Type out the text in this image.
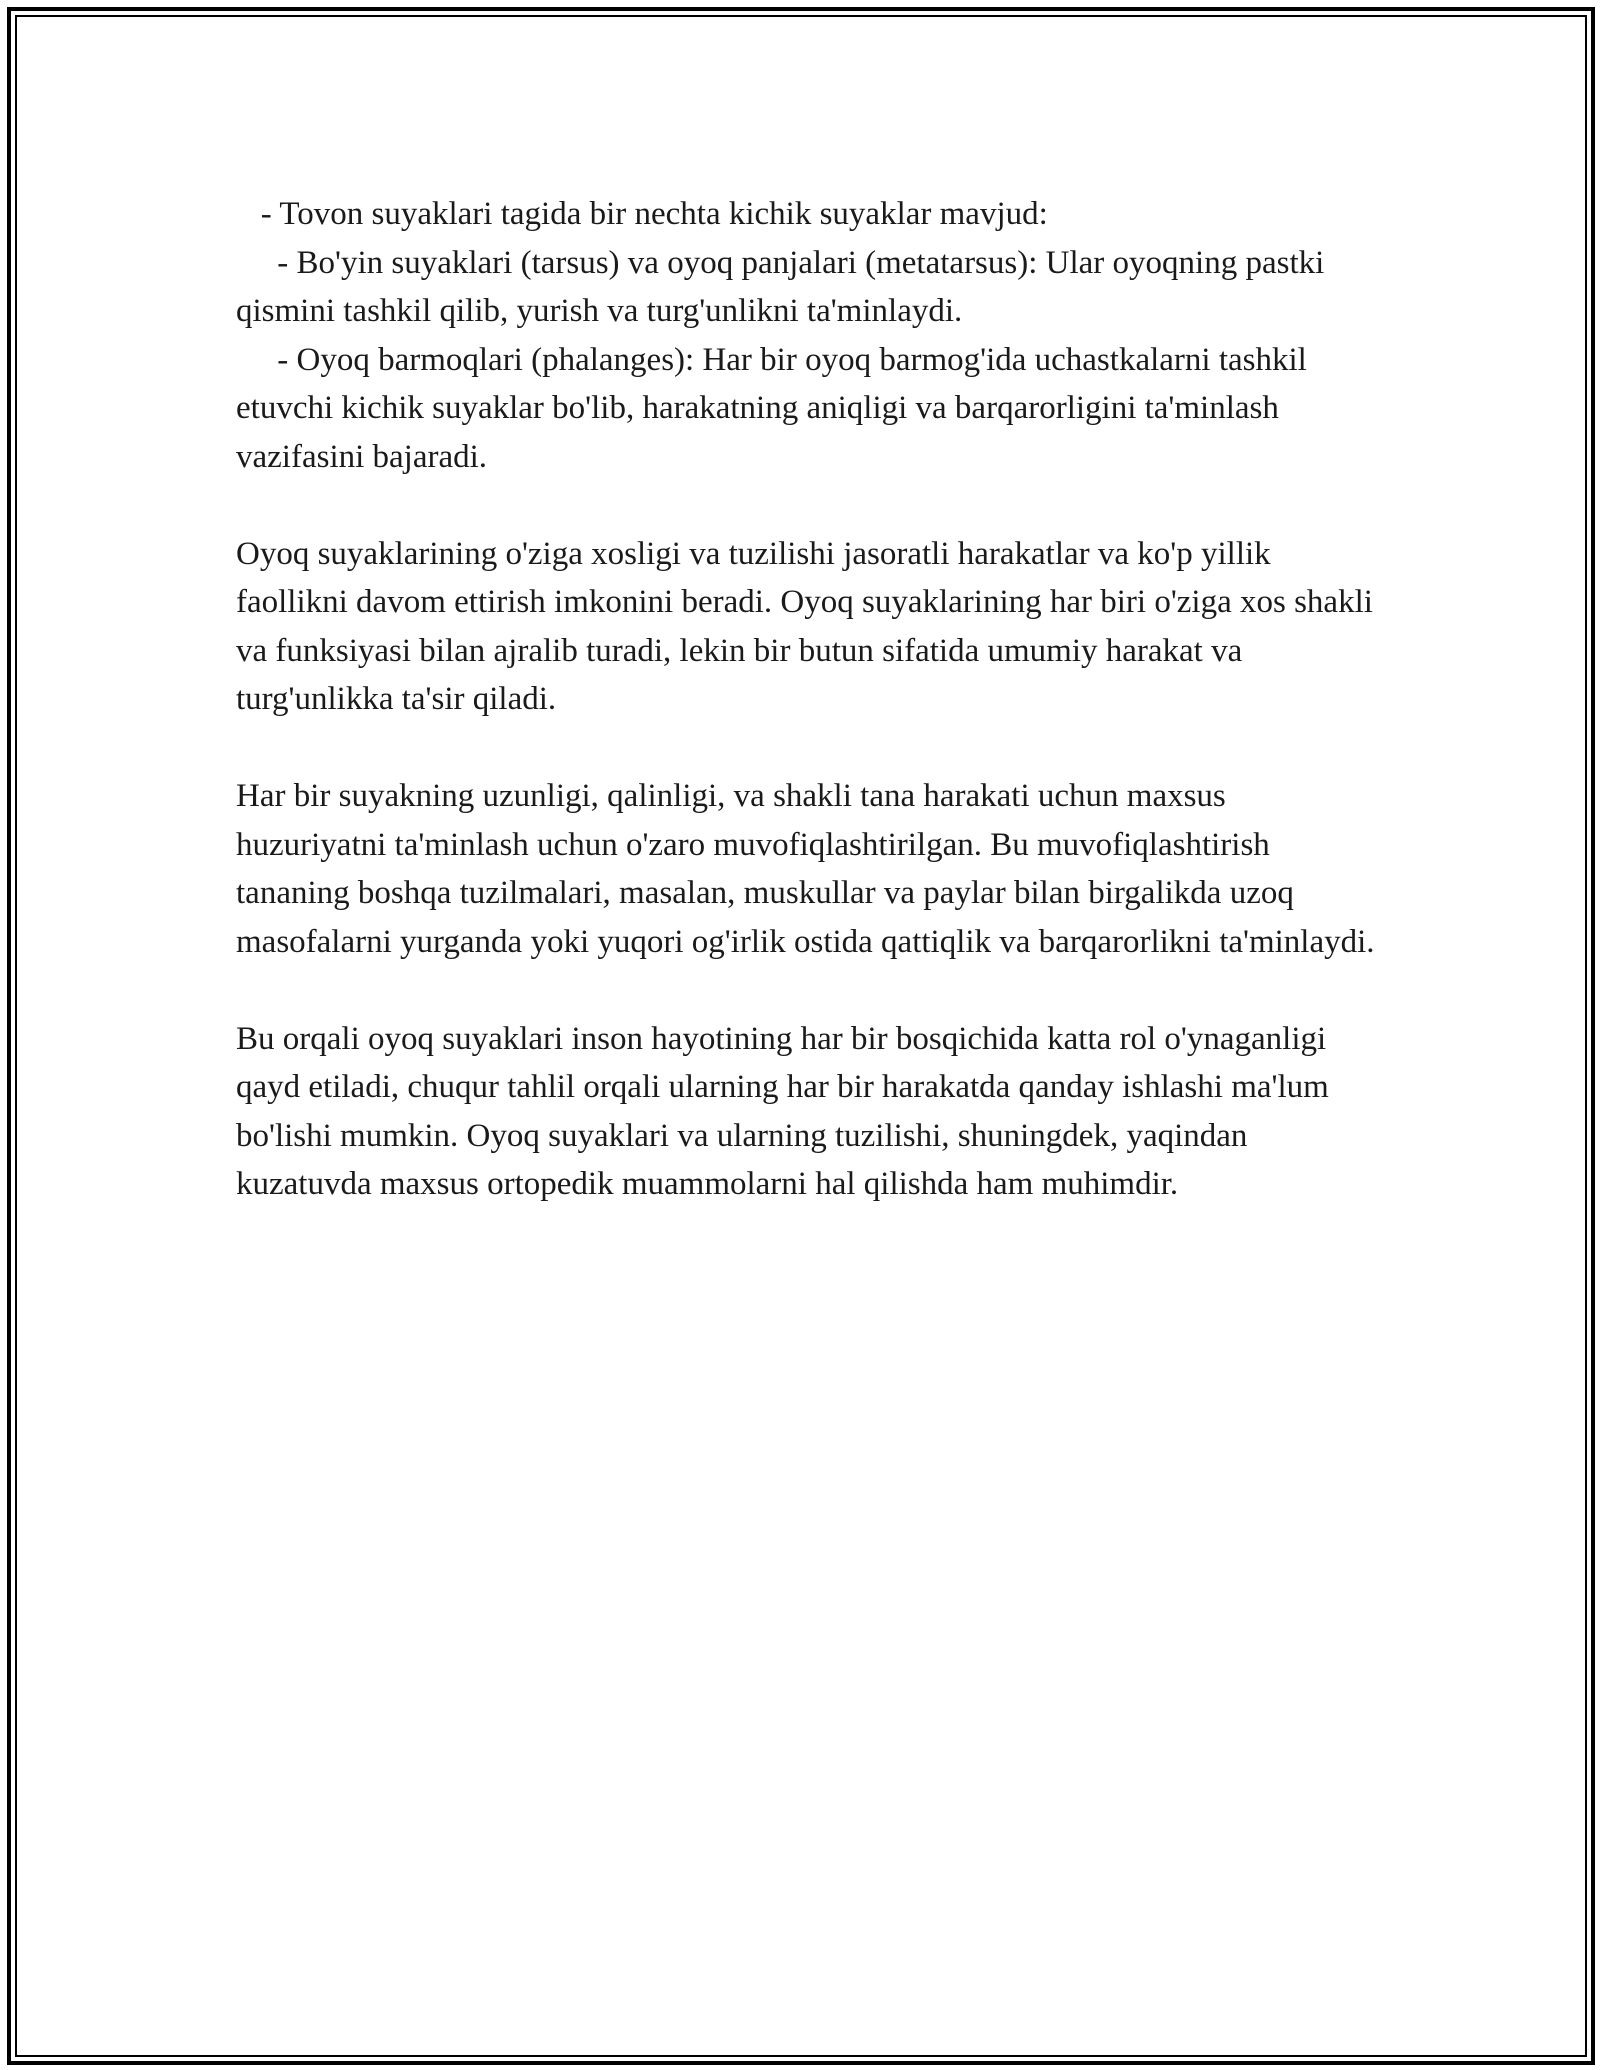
- Tovon suyaklari tagida bir nechta kichik suyaklar mavjud:
- Bo'yin suyaklari (tarsus) va oyoq panjalari (metatarsus): Ular oyoqning pastki qismini tashkil qilib, yurish va turg'unlikni ta'minlaydi.
- Oyoq barmoqlari (phalanges): Har bir oyoq barmog'ida uchastkalarni tashkil etuvchi kichik suyaklar bo'lib, harakatning aniqligi va barqarorligini ta'minlash vazifasini bajaradi.

Oyoq suyaklarining o'ziga xosligi va tuzilishi jasoratli harakatlar va ko'p yillik faollikni davom ettirish imkonini beradi. Oyoq suyaklarining har biri o'ziga xos shakli va funksiyasi bilan ajralib turadi, lekin bir butun sifatida umumiy harakat va turg'unlikka ta'sir qiladi.

Har bir suyakning uzunligi, qalinligi, va shakli tana harakati uchun maxsus huzuriyatni ta'minlash uchun o'zaro muvofiqlashtirilgan. Bu muvofiqlashtirish tananing boshqa tuzilmalari, masalan, muskullar va paylar bilan birgalikda uzoq masofalarni yurganda yoki yuqori og'irlik ostida qattiqlik va barqarorlikni ta'minlaydi.

Bu orqali oyoq suyaklari inson hayotining har bir bosqichida katta rol o'ynaganligi qayd etiladi, chuqur tahlil orqali ularning har bir harakatda qanday ishlashi ma'lum bo'lishi mumkin. Oyoq suyaklari va ularning tuzilishi, shuningdek, yaqindan kuzatuvda maxsus ortopedik muammolarni hal qilishda ham muhimdir.
